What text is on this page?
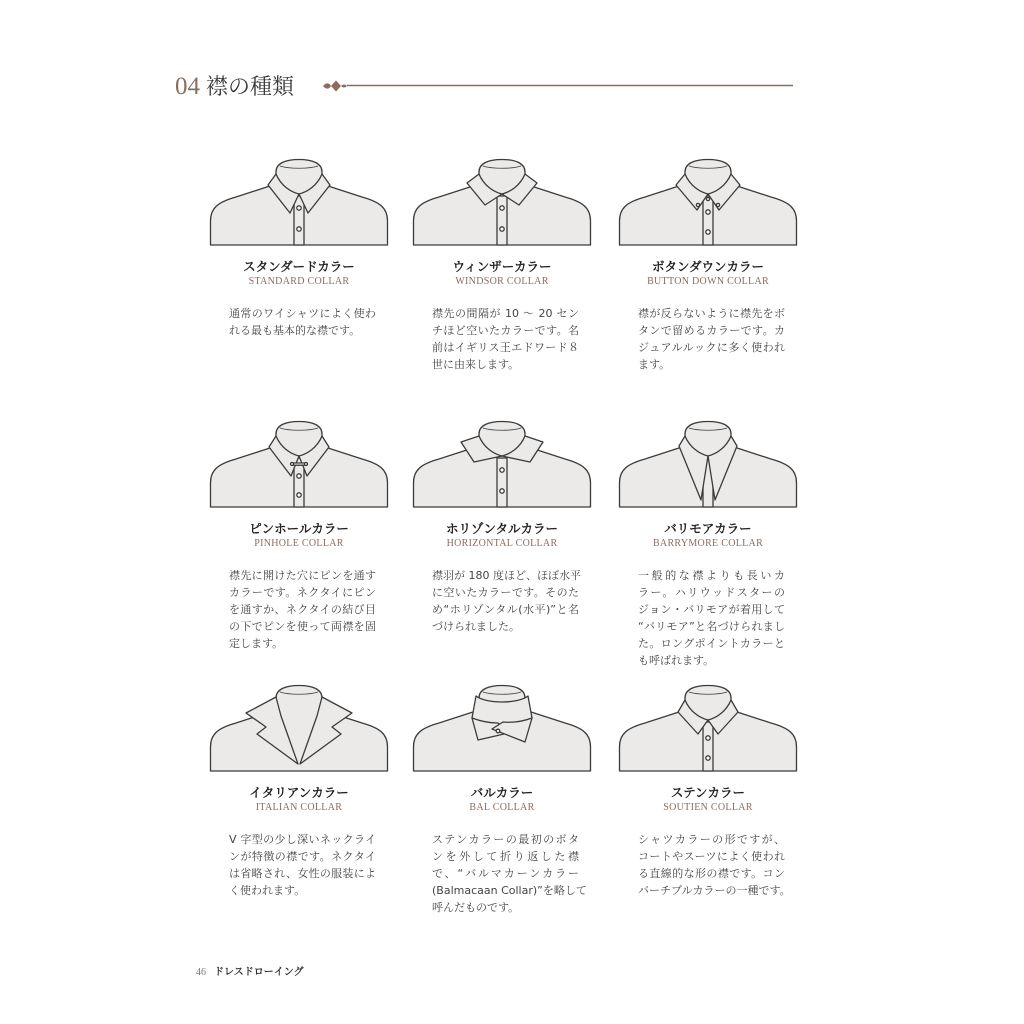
04 襟の種類
スタンダードカラー
STANDARD COLLAR
通常のワイシャツによく使わ
れる最も基本的な襟です。
ウィンザーカラー
WINDSOR COLLAR
襟先の間隔が 10 ～ 20 セン
チほど空いたカラーです。名
前はイギリス王エドワード８
世に由来します。
ボタンダウンカラー
BUTTON DOWN COLLAR
襟が反らないように襟先をボ
タンで留めるカラーです。カ
ジュアルルックに多く使われ
ます。
ピンホールカラー
PINHOLE COLLAR
襟先に開けた穴にピンを通す
カラーです。ネクタイにピン
を通すか、ネクタイの結び目
の下でピンを使って両襟を固
定します。
ホリゾンタルカラー
HORIZONTAL COLLAR
襟羽が 180 度ほど、ほぼ水平
に空いたカラーです。そのた
め“ホリゾンタル(水平)”と名
づけられました。
バリモアカラー
BARRYMORE COLLAR
一般的な襟よりも長いカ
ラー。ハリウッドスターの
ジョン・バリモアが着用して
“バリモア”と名づけられまし
た。ロングポイントカラーと
も呼ばれます。
イタリアンカラー
ITALIAN COLLAR
V 字型の少し深いネックライ
ンが特徴の襟です。ネクタイ
は省略され、女性の服装によ
く使われます。
バルカラー
BAL COLLAR
ステンカラーの最初のボタ
ンを外して折り返した襟
で、“バルマカーンカラー
(Balmacaan Collar)”を略して
呼んだものです。
ステンカラー
SOUTIEN COLLAR
シャツカラーの形ですが、
コートやスーツによく使われ
る直線的な形の襟です。コン
バーチブルカラーの一種です。
46 ドレスドローイング
